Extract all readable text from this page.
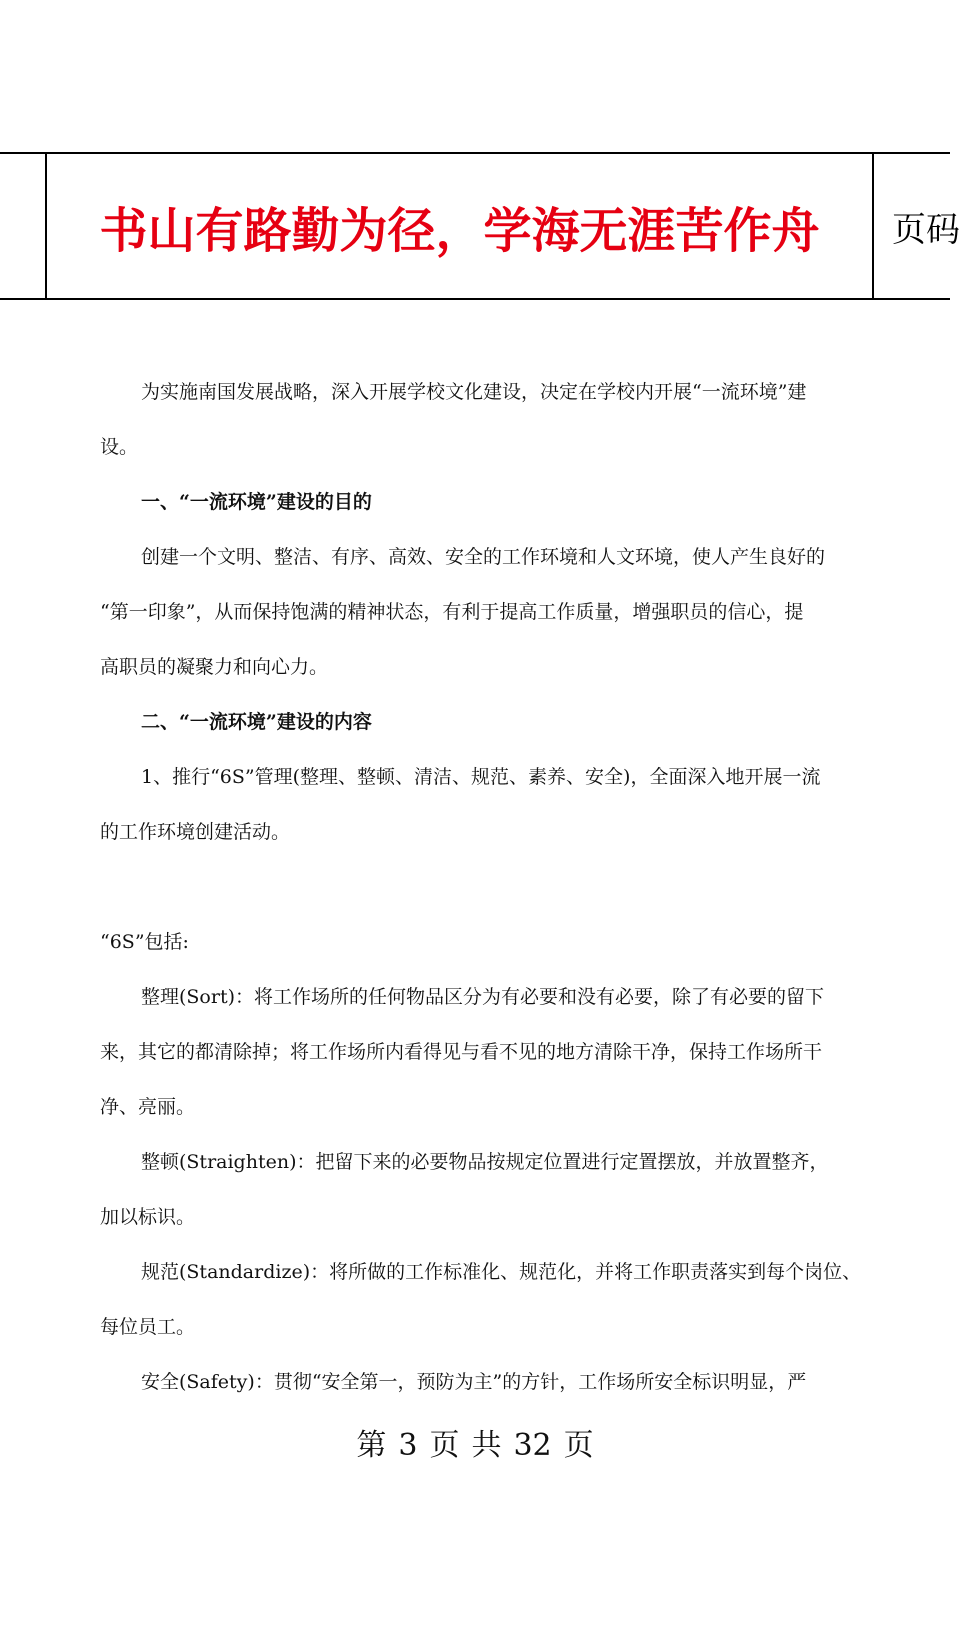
书山有路勤为径，学海无涯苦作舟	页码
为实施南国发展战略，深入开展学校文化建设，决定在学校内开展“一流环境”建
设。
一、“一流环境”建设的目的
创建一个文明、整洁、有序、高效、安全的工作环境和人文环境，使人产生良好的
“第一印象”，从而保持饱满的精神状态，有利于提高工作质量，增强职员的信心，提
高职员的凝聚力和向心力。
二、“一流环境”建设的内容
1、推行“6S”管理(整理、整顿、清洁、规范、素养、安全)，全面深入地开展一流
的工作环境创建活动。
“6S”包括:
整理(Sort)：将工作场所的任何物品区分为有必要和没有必要，除了有必要的留下
来，其它的都清除掉；将工作场所内看得见与看不见的地方清除干净，保持工作场所干
净、亮丽。
整顿(Straighten)：把留下来的必要物品按规定位置进行定置摆放，并放置整齐，
加以标识。
规范(Standardize)：将所做的工作标准化、规范化，并将工作职责落实到每个岗位、
每位员工。
安全(Safety)：贯彻“安全第一，预防为主”的方针，工作场所安全标识明显，严
第 3 页 共 32 页
